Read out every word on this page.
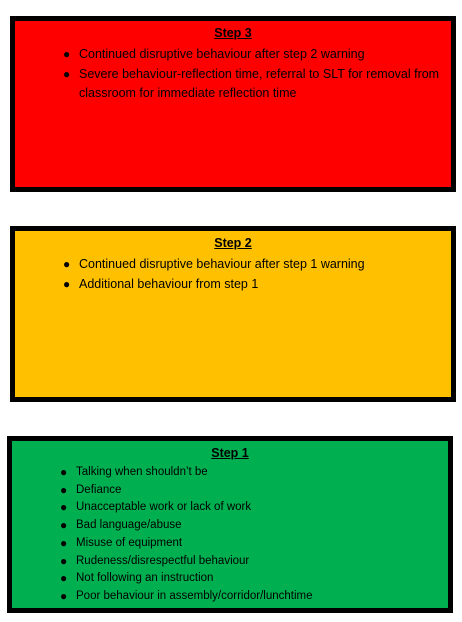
Step 3
● Continued disruptive behaviour after step 2 warning
● Severe behaviour-reflection time, referral to SLT for removal from classroom for immediate reflection time
Step 2
● Continued disruptive behaviour after step 1 warning
● Additional behaviour from step 1
Step 1
● Talking when shouldn’t be
● Defiance
● Unacceptable work or lack of work
● Bad language/abuse
● Misuse of equipment
● Rudeness/disrespectful behaviour
● Not following an instruction
● Poor behaviour in assembly/corridor/lunchtime
